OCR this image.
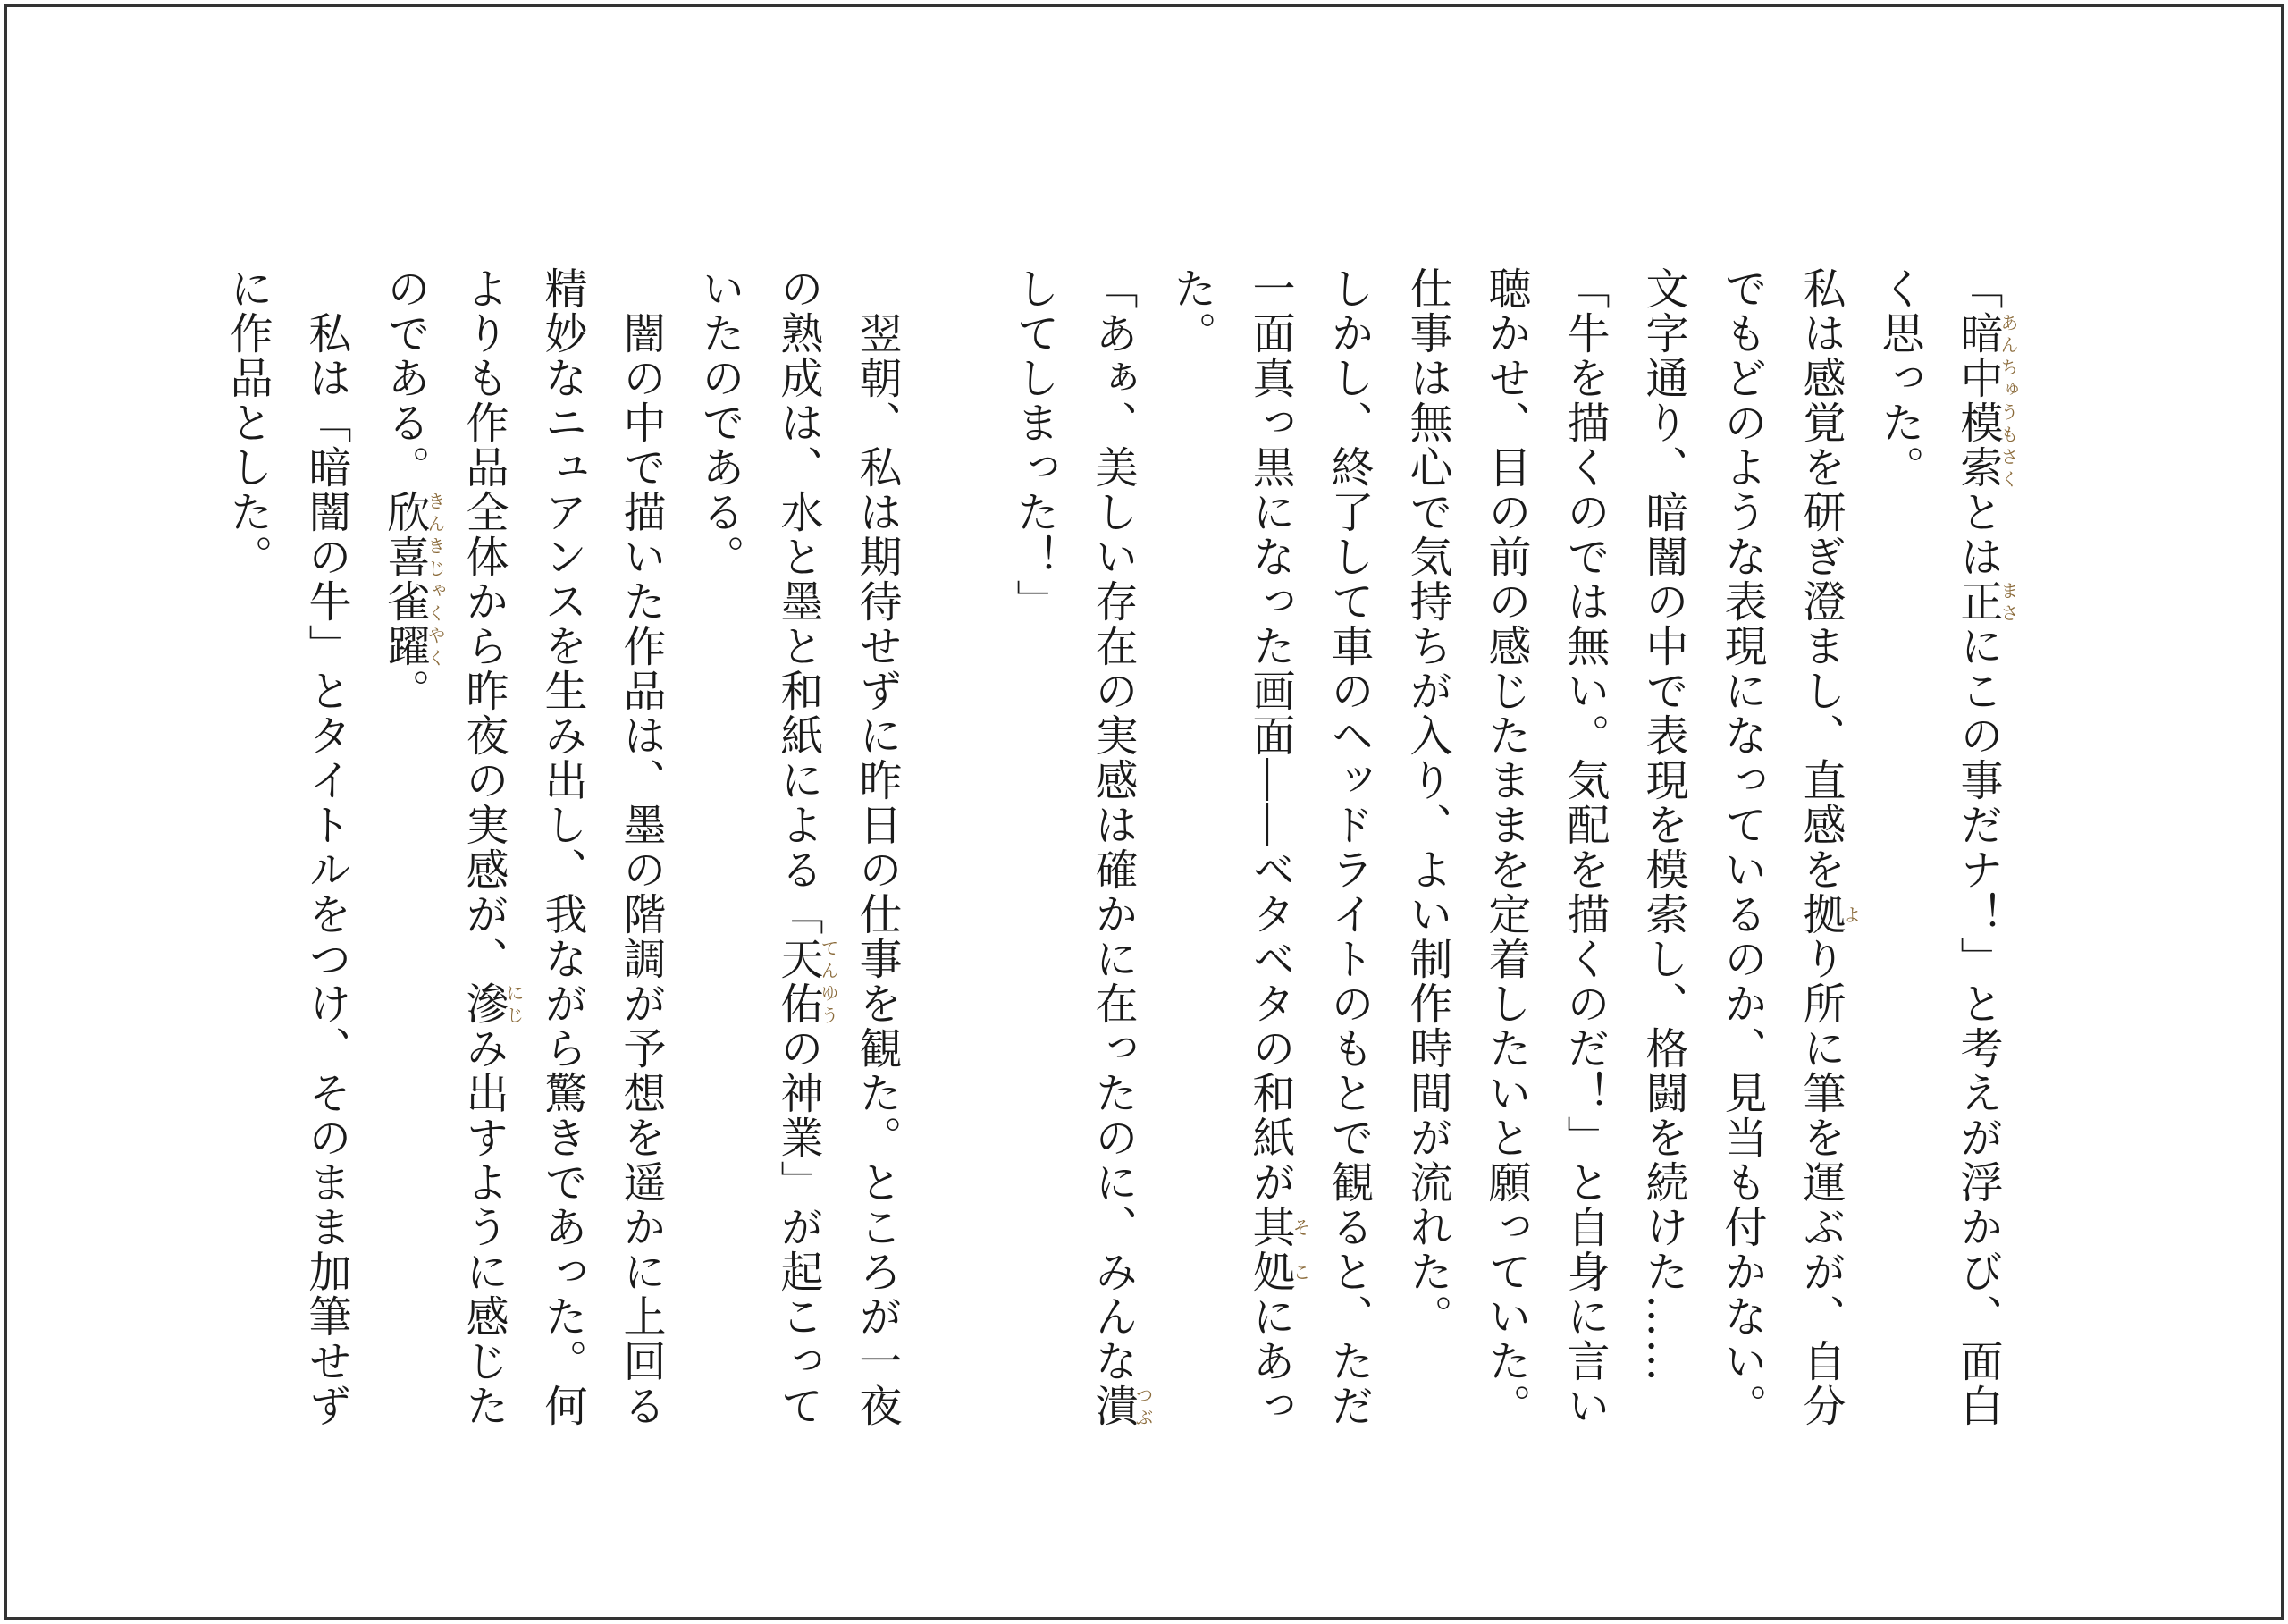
「暗中模索あんちゅうもさくとは正まさにこの事だナ！」と考えが浮かび、面白く思った。

私は感覚を研ぎ澄まし、直感を拠より所に筆を運ぶが、自分でもどのような表現になっているのか、見当も付かない。

文字通り、暗闇の中で表現を模索し、格闘を続けた……

「牛を描くのでは無い。気配を描くのだ！」と自身に言い聴かせ、目の前の感じたままを定着したいと願っていた。

仕事は無心で気持ちが入り、よい制作時間が流れた。

しかし、終了して車のヘッドライトのもとで観ると、ただ一面真っ黒になった画面――ベタベタの和紙が其処そこにあった。

「あぁ、美しい存在の実感は確かに在ったのに、みんな潰つぶしてしまった！」

　翌朝、私は期待せずに昨日の仕事を観た。ところが一夜の熟成は、水と墨と和紙による「天佑てんゆうの神業」が起こっていたのである。

　闇の中で描いた作品は、墨の階調が予想を遥かに上回る精妙なニュアンスを生み出し、我ながら驚きであった。何よりも作品全体から昨夜の実感が、滲にじみ出すように感じたのである。欣喜雀躍きんきじゃくやく。

　私は「暗闇の牛」とタイトルをつけ、そのまま加筆せずに作品とした。
